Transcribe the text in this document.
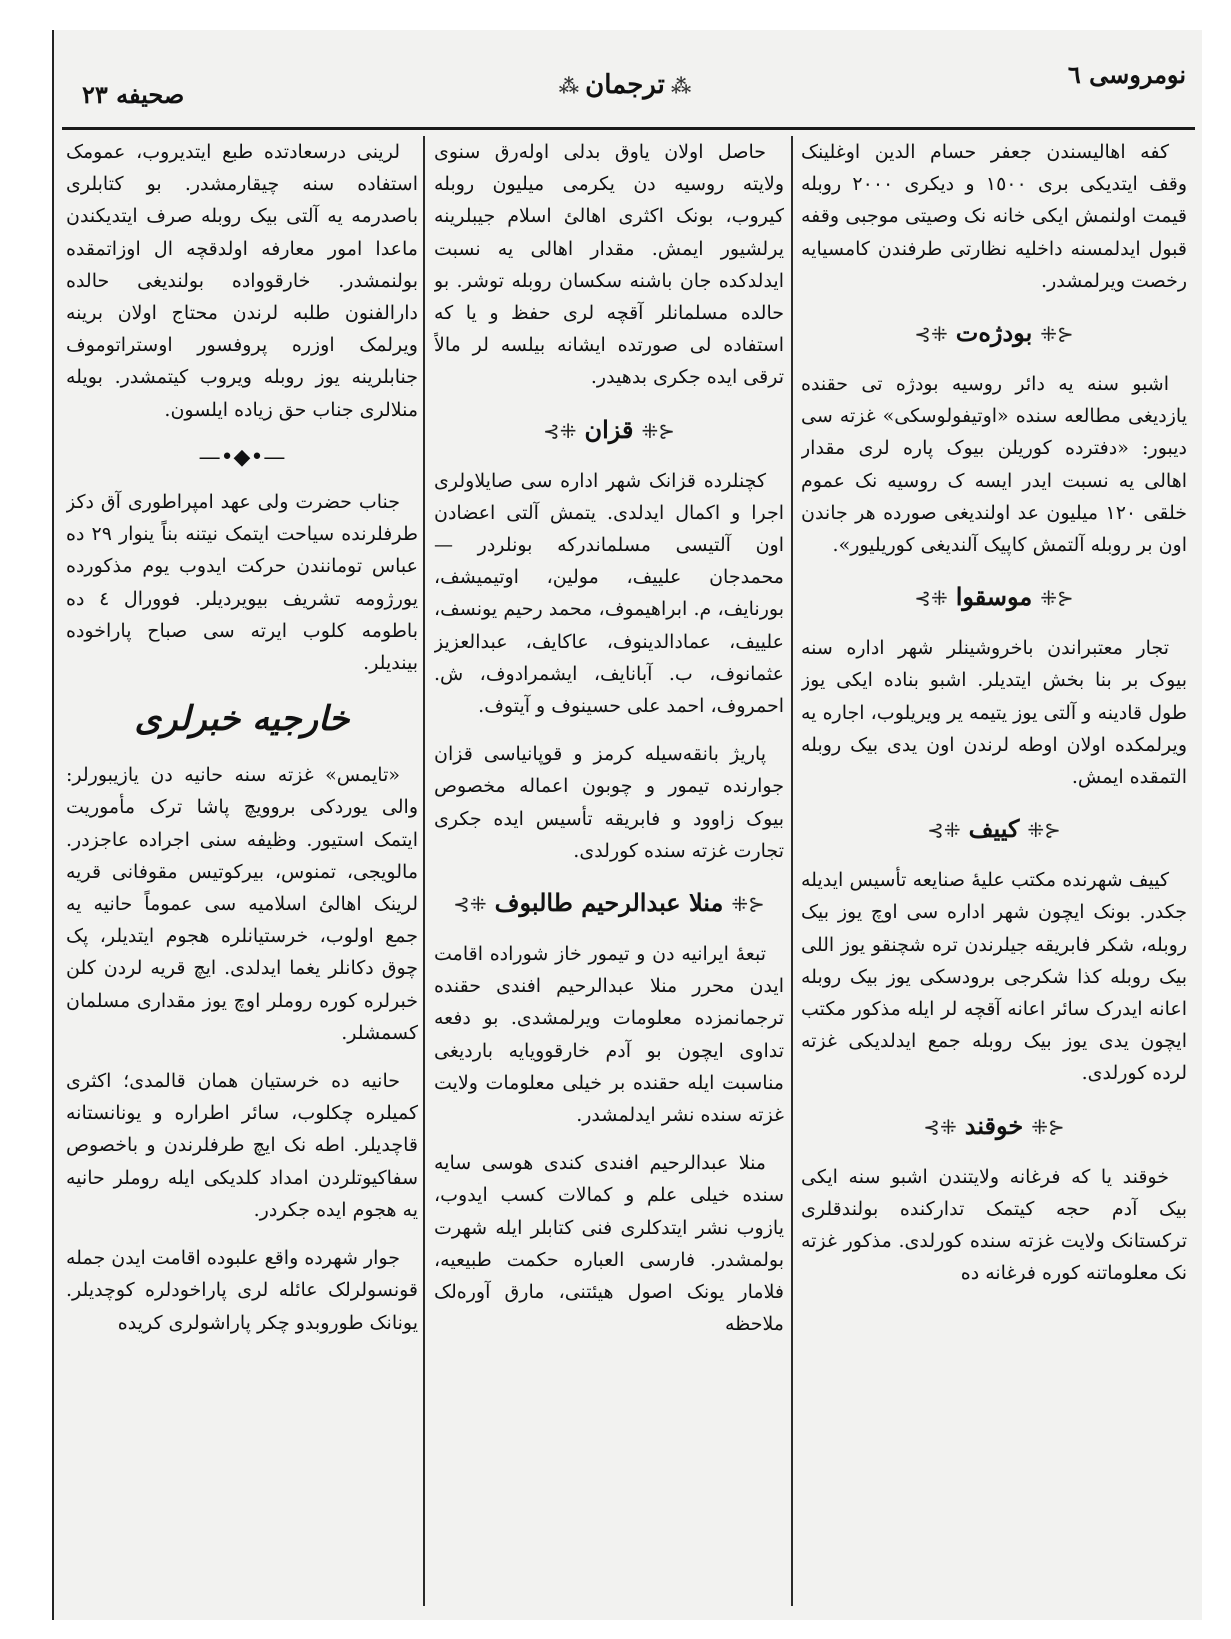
نومروسی ٦
⁂ترجمان⁂
صحیفه ٢٣

کفه اهالیسندن جعفر حسام الدین اوغلینک وقف ایتدیکی بری ١٥٠٠ و دیکری ٢٠٠٠ روبله قیمت اولنمش ایکی خانه نک وصیتی موجبی وقفه قبول ایدلمسنه داخلیه نظارتی طرفندن کامسیایه رخصت ویرلمشدر.

⊰⁜بودژەت⁜⊱

اشبو سنه یه دائر روسیه بودژه تی حقنده یازدیغی مطالعه سنده «اوتیفولوسکی» غزته سی دیبور: «دفترده کوریلن بیوک پاره لری مقدار اهالی یه نسبت ایدر ایسه ک روسیه نک عموم خلقی ١٢٠ میلیون عد اولندیغی صورده هر جاندن اون بر روبله آلتمش کاپیک آلندیغی کوریلیور».

⊰⁜موسقوا⁜⊱

تجار معتبراندن باخروشینلر شهر اداره سنه بیوک بر بنا بخش ایتدیلر. اشبو بناده ایکی یوز طول قادینه و آلتی یوز یتیمه یر ویریلوب، اجاره یه ویرلمکده اولان اوطه لرندن اون یدی بیک روبله التمقده ایمش.

⊰⁜کییف⁜⊱

کییف شهرنده مکتب علیهٔ صنایعه تأسیس ایدیله جکدر. بونک ایچون شهر اداره سی اوچ یوز بیک روبله، شکر فابریقه جیلرندن تره شچنقو یوز اللی بیک روبله کذا شکرجی برودسکی یوز بیک روبله اعانه ایدرک سائر اعانه آقچه لر ایله مذکور مکتب ایچون یدی یوز بیک روبله جمع ایدلدیکی غزته لرده کورلدی.

⊰⁜خوقند⁜⊱

خوقند یا که فرغانه ولایتندن اشبو سنه ایکی بیک آدم حجه کیتمک تدارکنده بولندقلری ترکستانک ولایت غزته سنده کورلدی. مذکور غزته نک معلوماتنه کوره فرغانه ده

حاصل اولان یاوق بدلی اوله‌رق سنوی ولایته روسیه دن یکرمی میلیون روبله کیروب، بونک اکثری اهالئ اسلام جیبلرینه یرلشیور ایمش. مقدار اهالی یه نسبت ایدلدکده جان باشنه سکسان روبله توشر. بو حالده مسلمانلر آقچه لری حفظ و یا که استفاده لی صورتده ایشانه بیلسه لر مالاً ترقی ایده جکری بدهیدر.

⊰⁜قزان⁜⊱

کچنلرده قزانک شهر اداره سی صایلاولری اجرا و اکمال ایدلدی. یتمش آلتی اعضادن اون آلتیسی مسلماندرکه بونلردر — محمدجان علییف، مولین، اوتیمیشف، بورنایف، م. ابراهیموف، محمد رحیم یونسف، علییف، عمادالدینوف، عاکایف، عبدالعزیز عثمانوف، ب. آبانایف، ایشمرادوف، ش. احمروف، احمد علی حسینوف و آیتوف.

پاریژ بانقه‌سیله کرمز و قوپانیاسی قزان جوارنده تیمور و چوبون اعماله مخصوص بیوک زاوود و فابریقه تأسیس ایده جکری تجارت غزته سنده کورلدی.

⊰⁜منلا عبدالرحیم طالبوف⁜⊱

تبعهٔ ایرانیه دن و تیمور خاز شوراده اقامت ایدن محرر منلا عبدالرحیم افندی حقنده ترجمانمزده معلومات ویرلمشدی. بو دفعه تداوی ایچون بو آدم خارقوویایه بارديغی مناسبت ایله حقنده بر خیلی معلومات ولایت غزته سنده نشر ایدلمشدر.

منلا عبدالرحیم افندی کندی هوسی سایه سنده خیلی علم و کمالات کسب ایدوب، یازوب نشر ایتدکلری فنی کتابلر ایله شهرت بولمشدر. فارسی العباره حکمت طبیعیه، فلامار یونک اصول هیئتنی، مارق آورەلک ملاحظه

لرینی درسعادتده طبع ایتدیروب، عمومک استفاده سنه چیقارمشدر. بو کتابلری باصدرمه یه آلتی بیک روبله صرف ایتدیکندن ماعدا امور معارفه اولدقچه ال اوزاتمقده بولنمشدر. خارقوواده بولندیغی حالده دارالفنون طلبه لرندن محتاج اولان برینه ویرلمک اوزره پروفسور اوستراتوموف جنابلرینه یوز روبله ویروب کیتمشدر. بویله منلالری جناب حق زیاده ایلسون.

—•◆•—

جناب حضرت ولی عهد امپراطوری آق دکز طرفلرنده سیاحت ایتمک نیتنه بناً ینوار ٢٩ ده عباس تومانندن حرکت ایدوب یوم مذکورده یورژومه تشریف بیویردیلر. فوورال ٤ ده باطومه کلوب ایرته سی صباح پاراخوده بیندیلر.

خارجیه خبرلری

«تایمس» غزته سنه حانیه دن یازیبورلر: والی یوردکی بروویچ پاشا ترک مأموریت ایتمک استیور. وظیفه سنی اجراده عاجزدر. مالویجی، تمنوس، بیرکوتیس مقوفانی قریه لرینک اهالئ اسلامیه سی عموماً حانیه یه جمع اولوب، خرستیانلره هجوم ایتدیلر، پک چوق دکانلر یغما ایدلدی. ایچ قریه لردن کلن خبرلره کوره روملر اوچ یوز مقداری مسلمان کسمشلر.

حانیه ده خرستیان همان قالمدی؛ اکثری کمیلره چکلوب، سائر اطراره و یونانستانه قاچدیلر. اطه نک ایچ طرفلرندن و باخصوص سفاکیوتلردن امداد کلدیکی ایله روملر حانیه یه هجوم ایده جکردر.

جوار شهرده واقع علبوده اقامت ایدن جمله قونسولرلک عائله لری پاراخودلره کوچدیلر. یونانک طوروبدو چکر پاراشولری کریده
